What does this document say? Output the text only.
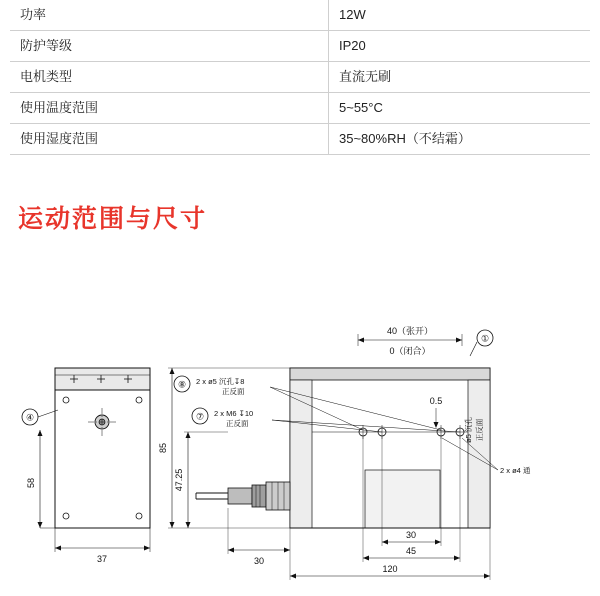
功率	12W
防护等级	IP20
电机类型	直流无刷
使用温度范围	5~55°C
使用湿度范围	35~80%RH（不结霜）
运动范围与尺寸
④
58
37
40（张开）
0（闭合）
①
⑧ 2 x ø5 沉孔↧8
正反面
⑦ 2 x M6 ↧10
正反面	ø5 沉孔 正反面
0.5
2 x ø4 通
85
47.25
30
30
45
120
